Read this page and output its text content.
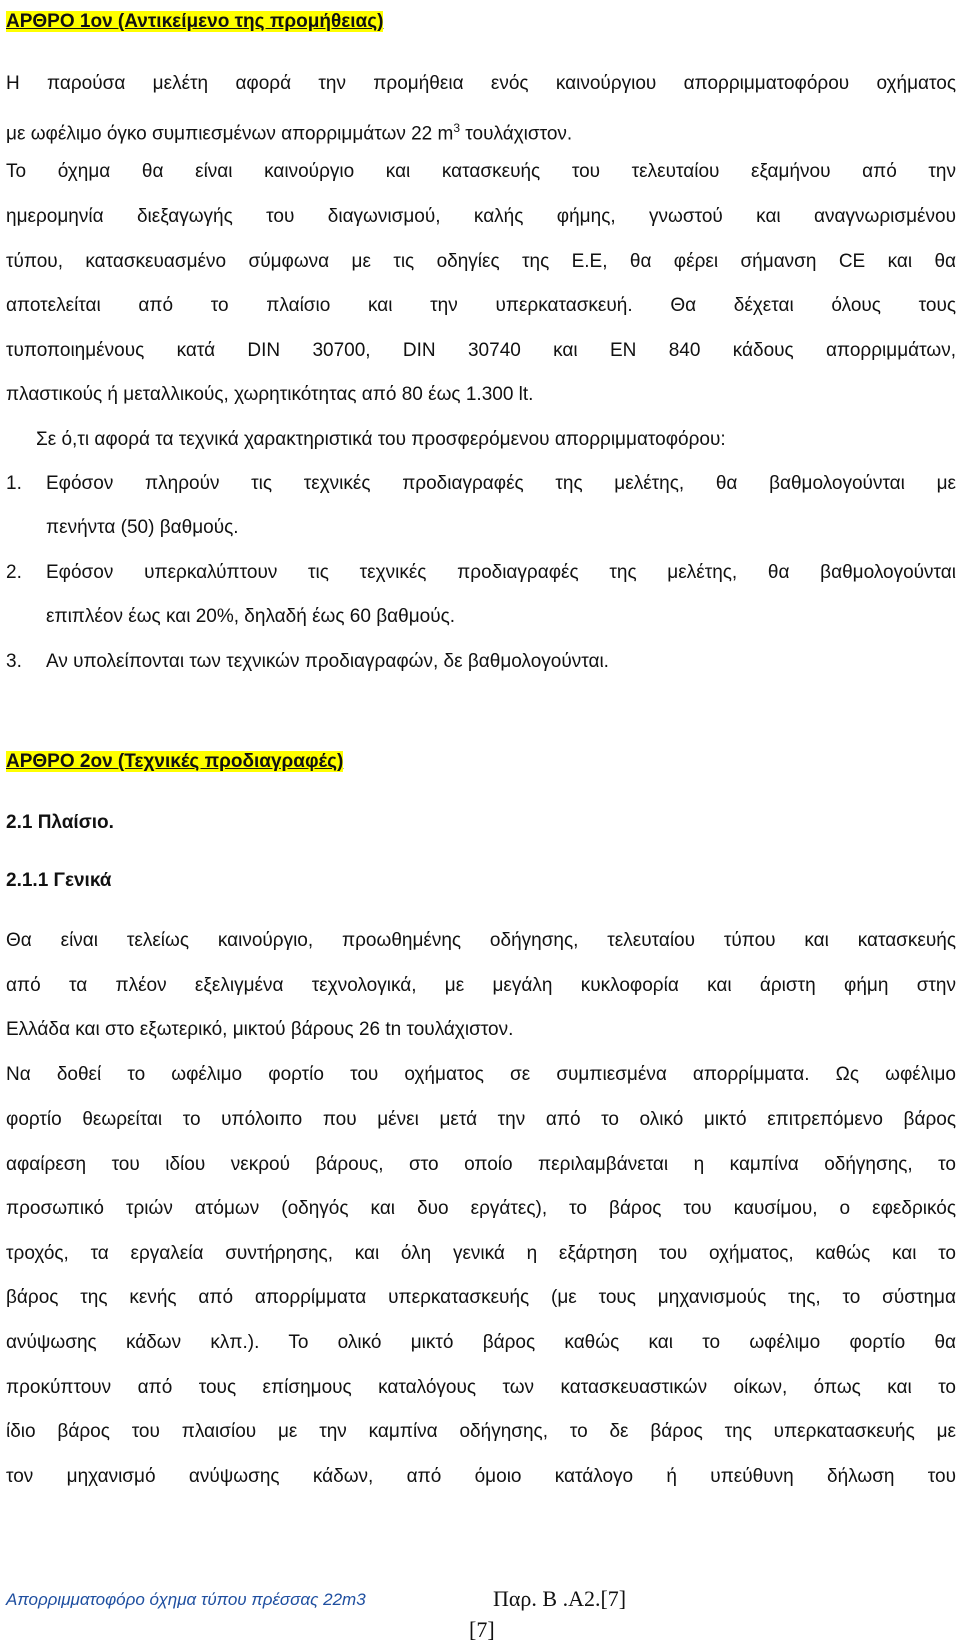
ΑΡΘΡΟ 1ον (Αντικείμενο της προμήθειας)
Η παρούσα μελέτη αφορά την προμήθεια ενός καινούργιου απορριμματοφόρου οχήματος
με ωφέλιμο όγκο συμπιεσμένων απορριμμάτων 22 $m^3$ τουλάχιστον.
Το όχημα θα είναι καινούργιο και κατασκευής του τελευταίου εξαμήνου από την
ημερομηνία διεξαγωγής του διαγωνισμού, καλής φήμης, γνωστού και αναγνωρισμένου
τύπου, κατασκευασμένο σύμφωνα με τις οδηγίες της Ε.Ε, θα φέρει σήμανση CE και θα
αποτελείται από το πλαίσιο και την υπερκατασκευή. Θα δέχεται όλους τους
τυποποιημένους κατά DIN 30700, DIN 30740 και EN 840 κάδους απορριμμάτων,
πλαστικούς ή μεταλλικούς, χωρητικότητας από 80 έως 1.300 lt.
Σε ό,τι αφορά τα τεχνικά χαρακτηριστικά του προσφερόμενου απορριμματοφόρου:
1. Εφόσον πληρούν τις τεχνικές προδιαγραφές της μελέτης, θα βαθμολογούνται με
πενήντα (50) βαθμούς.
2. Εφόσον υπερκαλύπτουν τις τεχνικές προδιαγραφές της μελέτης, θα βαθμολογούνται
επιπλέον έως και 20%, δηλαδή έως 60 βαθμούς.
3. Αν υπολείπονται των τεχνικών προδιαγραφών, δε βαθμολογούνται.
ΑΡΘΡΟ 2ον (Τεχνικές προδιαγραφές)
2.1 Πλαίσιο.
2.1.1 Γενικά
Θα είναι τελείως καινούργιο, προωθημένης οδήγησης, τελευταίου τύπου και κατασκευής
από τα πλέον εξελιγμένα τεχνολογικά, με μεγάλη κυκλοφορία και άριστη φήμη στην
Ελλάδα και στο εξωτερικό, μικτού βάρους 26 tn τουλάχιστον.
Να δοθεί το ωφέλιμο φορτίο του οχήματος σε συμπιεσμένα απορρίμματα. Ως ωφέλιμο
φορτίο θεωρείται το υπόλοιπο που μένει μετά την από το ολικό μικτό επιτρεπόμενο βάρος
αφαίρεση του ιδίου νεκρού βάρους, στο οποίο περιλαμβάνεται η καμπίνα οδήγησης, το
προσωπικό τριών ατόμων (οδηγός και δυο εργάτες), το βάρος του καυσίμου, ο εφεδρικός
τροχός, τα εργαλεία συντήρησης, και όλη γενικά η εξάρτηση του οχήματος, καθώς και το
βάρος της κενής από απορρίμματα υπερκατασκευής (με τους μηχανισμούς της, το σύστημα
ανύψωσης κάδων κλπ.). Το ολικό μικτό βάρος καθώς και το ωφέλιμο φορτίο θα
προκύπτουν από τους επίσημους καταλόγους των κατασκευαστικών οίκων, όπως και το
ίδιο βάρος του πλαισίου με την καμπίνα οδήγησης, το δε βάρος της υπερκατασκευής με
τον μηχανισμό ανύψωσης κάδων, από όμοιο κατάλογο ή υπεύθυνη δήλωση του
Απορριμματοφόρο όχημα τύπου πρέσσας 22m3	Παρ. Β .Α2.[7]
[7]
